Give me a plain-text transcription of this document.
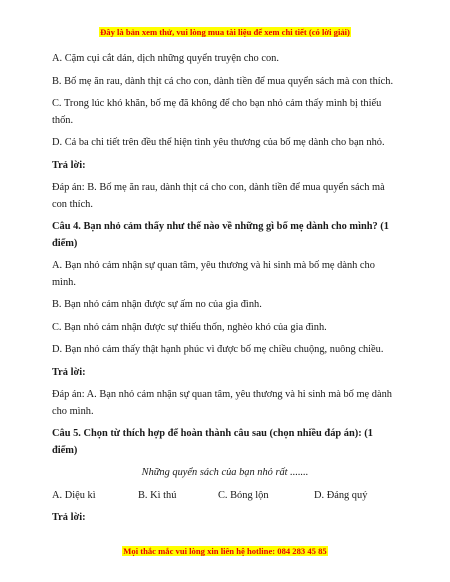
Đây là bản xem thử, vui lòng mua tài liệu để xem chi tiết (có lời giải)

A. Cặm cụi cắt dán, dịch những quyển truyện cho con.

B. Bố mẹ ăn rau, dành thịt cá cho con, dành tiền để mua quyển sách mà con thích.

C. Trong lúc khó khăn, bố mẹ đã không để cho bạn nhỏ cảm thấy mình bị thiếu thốn.

D. Cả ba chi tiết trên đều thể hiện tình yêu thương của bố mẹ dành cho bạn nhỏ.

Trả lời:

Đáp án: B. Bố mẹ ăn rau, dành thịt cá cho con, dành tiền để mua quyển sách mà con thích.

Câu 4. Bạn nhỏ cảm thấy như thế nào về những gì bố mẹ dành cho mình? (1 điểm)

A. Bạn nhỏ cảm nhận sự quan tâm, yêu thương và hi sinh mà bố mẹ dành cho mình.

B. Bạn nhỏ cảm nhận được sự ấm no của gia đình.

C. Bạn nhỏ cảm nhận được sự thiếu thốn, nghèo khó của gia đình.

D. Bạn nhỏ cảm thấy thật hạnh phúc vì được bố mẹ chiều chuộng, nuông chiều.

Trả lời:

Đáp án: A. Bạn nhỏ cảm nhận sự quan tâm, yêu thương và hi sinh mà bố mẹ dành cho mình.

Câu 5. Chọn từ thích hợp để hoàn thành câu sau (chọn nhiều đáp án): (1 điểm)

Những quyển sách của bạn nhỏ rất .......

A. Diệu kì	B. Kì thú	C. Bóng lộn	D. Đáng quý

Trả lời:

Mọi thắc mắc vui lòng xin liên hệ hotline: 084 283 45 85
